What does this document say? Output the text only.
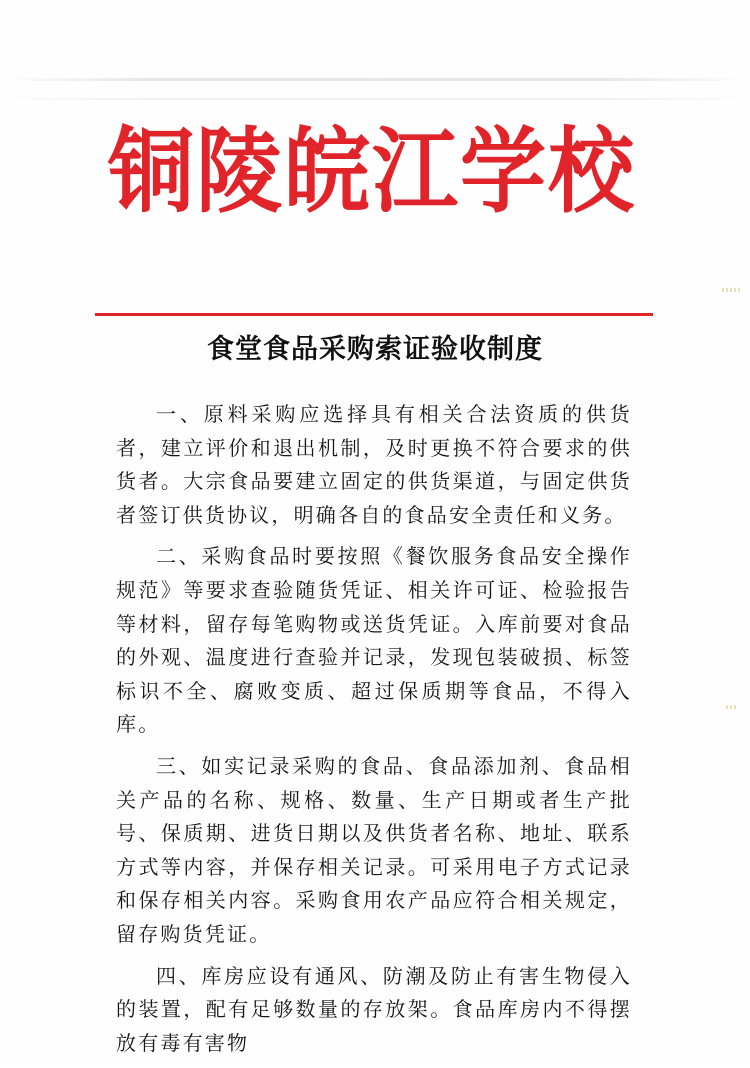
铜陵皖江学校
食堂食品采购索证验收制度

一、原料采购应选择具有相关合法资质的供货者，建立评价和退出机制，及时更换不符合要求的供货者。大宗食品要建立固定的供货渠道，与固定供货者签订供货协议，明确各自的食品安全责任和义务。

二、采购食品时要按照《餐饮服务食品安全操作规范》等要求查验随货凭证、相关许可证、检验报告等材料，留存每笔购物或送货凭证。入库前要对食品的外观、温度进行查验并记录，发现包装破损、标签标识不全、腐败变质、超过保质期等食品，不得入库。

三、如实记录采购的食品、食品添加剂、食品相关产品的名称、规格、数量、生产日期或者生产批号、保质期、进货日期以及供货者名称、地址、联系方式等内容，并保存相关记录。可采用电子方式记录和保存相关内容。采购食用农产品应符合相关规定，留存购货凭证。

四、库房应设有通风、防潮及防止有害生物侵入的装置，配有足够数量的存放架。食品库房内不得摆放有毒有害物
